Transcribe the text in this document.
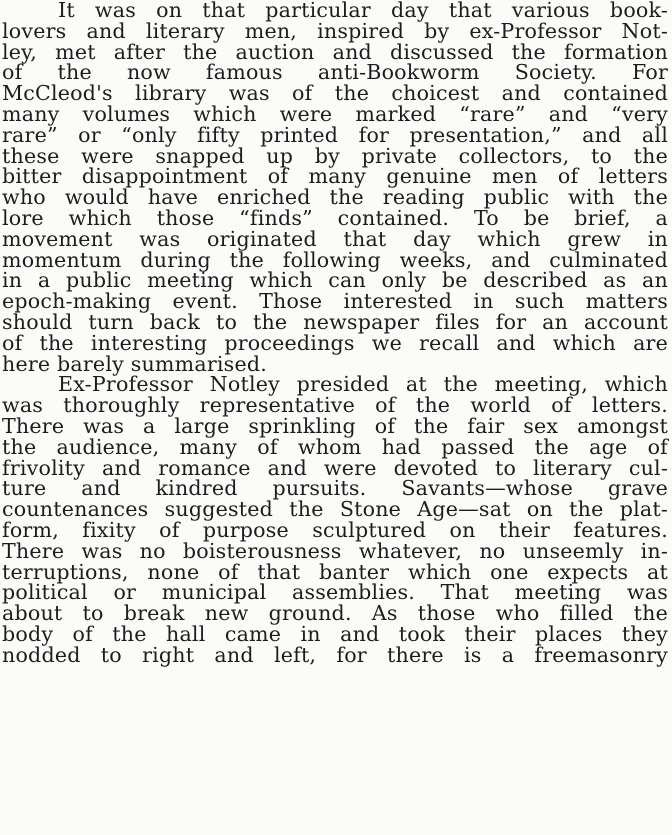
It was on that particular day that various book-
lovers and literary men, inspired by ex-Professor Not-
ley, met after the auction and discussed the formation
of the now famous anti-Bookworm Society. For
McCleod's library was of the choicest and contained
many volumes which were marked “rare” and “very
rare” or “only fifty printed for presentation,” and all
these were snapped up by private collectors, to the
bitter disappointment of many genuine men of letters
who would have enriched the reading public with the
lore which those “finds” contained. To be brief, a
movement was originated that day which grew in
momentum during the following weeks, and culminated
in a public meeting which can only be described as an
epoch-making event. Those interested in such matters
should turn back to the newspaper files for an account
of the interesting proceedings we recall and which are
here barely summarised.
Ex-Professor Notley presided at the meeting, which
was thoroughly representative of the world of letters.
There was a large sprinkling of the fair sex amongst
the audience, many of whom had passed the age of
frivolity and romance and were devoted to literary cul-
ture and kindred pursuits. Savants—whose grave
countenances suggested the Stone Age—sat on the plat-
form, fixity of purpose sculptured on their features.
There was no boisterousness whatever, no unseemly in-
terruptions, none of that banter which one expects at
political or municipal assemblies. That meeting was
about to break new ground. As those who filled the
body of the hall came in and took their places they
nodded to right and left, for there is a freemasonry
